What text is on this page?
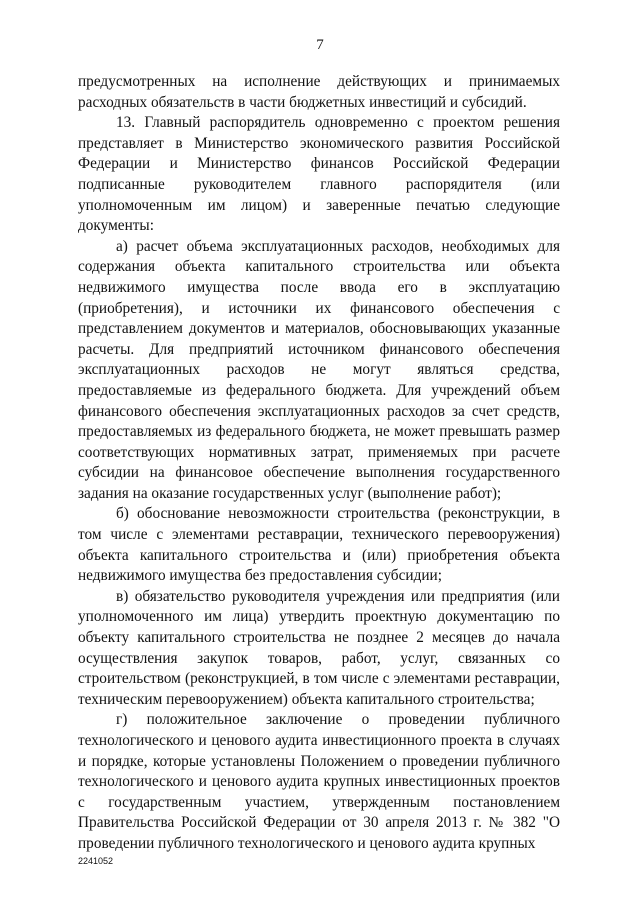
7

предусмотренных на исполнение действующих и принимаемых расходных обязательств в части бюджетных инвестиций и субсидий.

13. Главный распорядитель одновременно с проектом решения представляет в Министерство экономического развития Российской Федерации и Министерство финансов Российской Федерации подписанные руководителем главного распорядителя (или уполномоченным им лицом) и заверенные печатью следующие документы:

а) расчет объема эксплуатационных расходов, необходимых для содержания объекта капитального строительства или объекта недвижимого имущества после ввода его в эксплуатацию (приобретения), и источники их финансового обеспечения с представлением документов и материалов, обосновывающих указанные расчеты. Для предприятий источником финансового обеспечения эксплуатационных расходов не могут являться средства, предоставляемые из федерального бюджета. Для учреждений объем финансового обеспечения эксплуатационных расходов за счет средств, предоставляемых из федерального бюджета, не может превышать размер соответствующих нормативных затрат, применяемых при расчете субсидии на финансовое обеспечение выполнения государственного задания на оказание государственных услуг (выполнение работ);

б) обоснование невозможности строительства (реконструкции, в том числе с элементами реставрации, технического перевооружения) объекта капитального строительства и (или) приобретения объекта недвижимого имущества без предоставления субсидии;

в) обязательство руководителя учреждения или предприятия (или уполномоченного им лица) утвердить проектную документацию по объекту капитального строительства не позднее 2 месяцев до начала осуществления закупок товаров, работ, услуг, связанных со строительством (реконструкцией, в том числе с элементами реставрации, техническим перевооружением) объекта капитального строительства;

г) положительное заключение о проведении публичного технологического и ценового аудита инвестиционного проекта в случаях и порядке, которые установлены Положением о проведении публичного технологического и ценового аудита крупных инвестиционных проектов с государственным участием, утвержденным постановлением Правительства Российской Федерации от 30 апреля 2013 г. № 382 "О проведении публичного технологического и ценового аудита крупных

2241052
